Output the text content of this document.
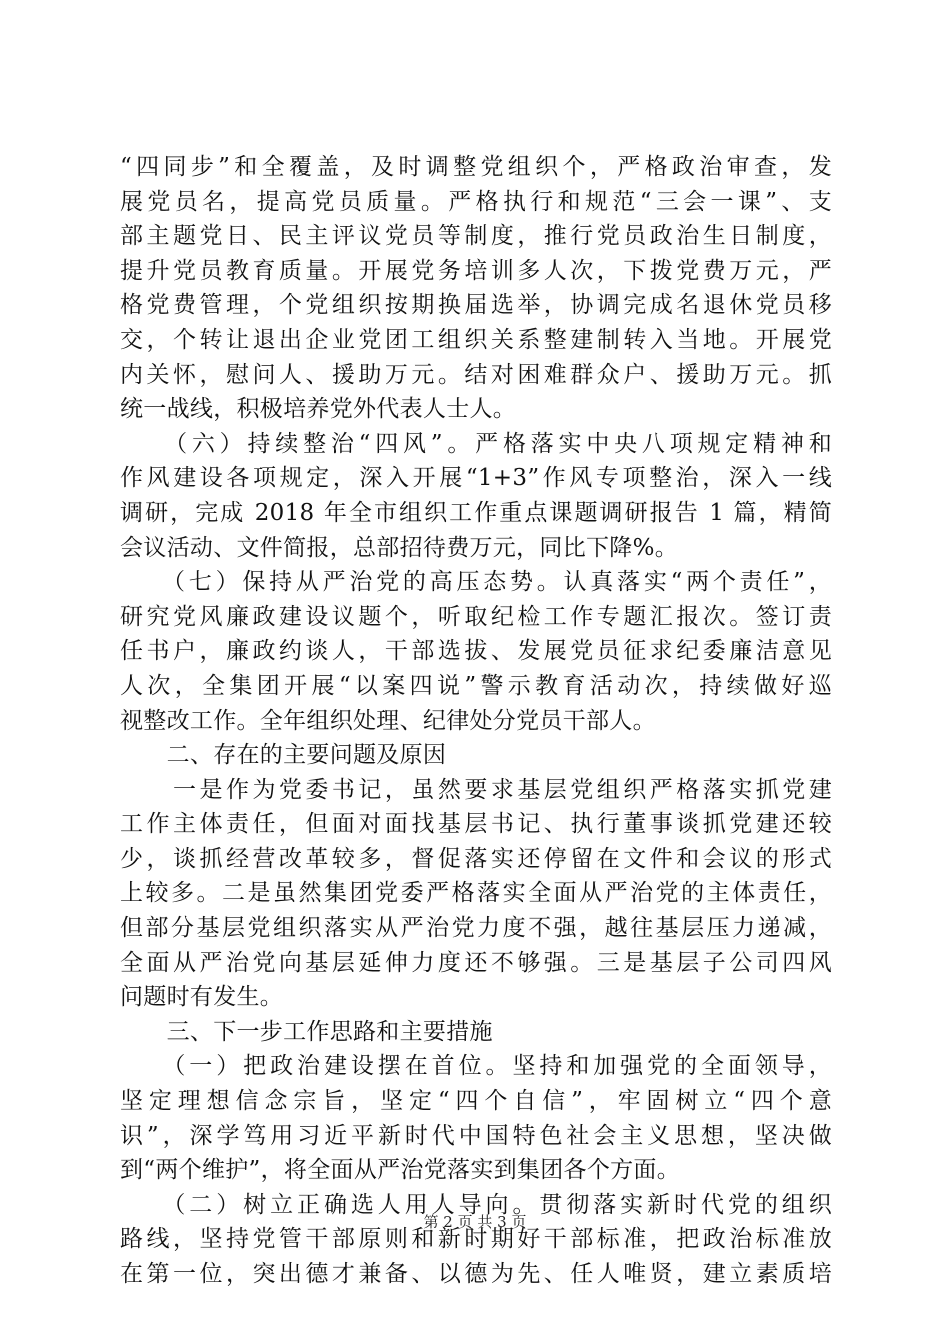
“四同步”和全覆盖，及时调整党组织个，严格政治审查，发
展党员名，提高党员质量。严格执行和规范“三会一课”、支
部主题党日、民主评议党员等制度，推行党员政治生日制度，
提升党员教育质量。开展党务培训多人次，下拨党费万元，严
格党费管理，个党组织按期换届选举，协调完成名退休党员移
交，个转让退出企业党团工组织关系整建制转入当地。开展党
内关怀，慰问人、援助万元。结对困难群众户、援助万元。抓
统一战线，积极培养党外代表人士人。
　　（六）持续整治“四风”。严格落实中央八项规定精神和
作风建设各项规定，深入开展“1+3”作风专项整治，深入一线
调研，完成 2018 年全市组织工作重点课题调研报告 1 篇，精简
会议活动、文件简报，总部招待费万元，同比下降%。
　　（七）保持从严治党的高压态势。认真落实“两个责任”，
研究党风廉政建设议题个，听取纪检工作专题汇报次。签订责
任书户，廉政约谈人，干部选拔、发展党员征求纪委廉洁意见
人次，全集团开展“以案四说”警示教育活动次，持续做好巡
视整改工作。全年组织处理、纪律处分党员干部人。
　　二、存在的主要问题及原因
　　一是作为党委书记，虽然要求基层党组织严格落实抓党建
工作主体责任，但面对面找基层书记、执行董事谈抓党建还较
少，谈抓经营改革较多，督促落实还停留在文件和会议的形式
上较多。二是虽然集团党委严格落实全面从严治党的主体责任，
但部分基层党组织落实从严治党力度不强，越往基层压力递减，
全面从严治党向基层延伸力度还不够强。三是基层子公司四风
问题时有发生。
　　三、下一步工作思路和主要措施
　　（一）把政治建设摆在首位。坚持和加强党的全面领导，
坚定理想信念宗旨，坚定“四个自信”，牢固树立“四个意
识”，深学笃用习近平新时代中国特色社会主义思想，坚决做
到“两个维护”，将全面从严治党落实到集团各个方面。
　　（二）树立正确选人用人导向。贯彻落实新时代党的组织
路线，坚持党管干部原则和新时期好干部标准，把政治标准放
在第一位，突出德才兼备、以德为先、任人唯贤，建立素质培
第 2 页 共 3 页
